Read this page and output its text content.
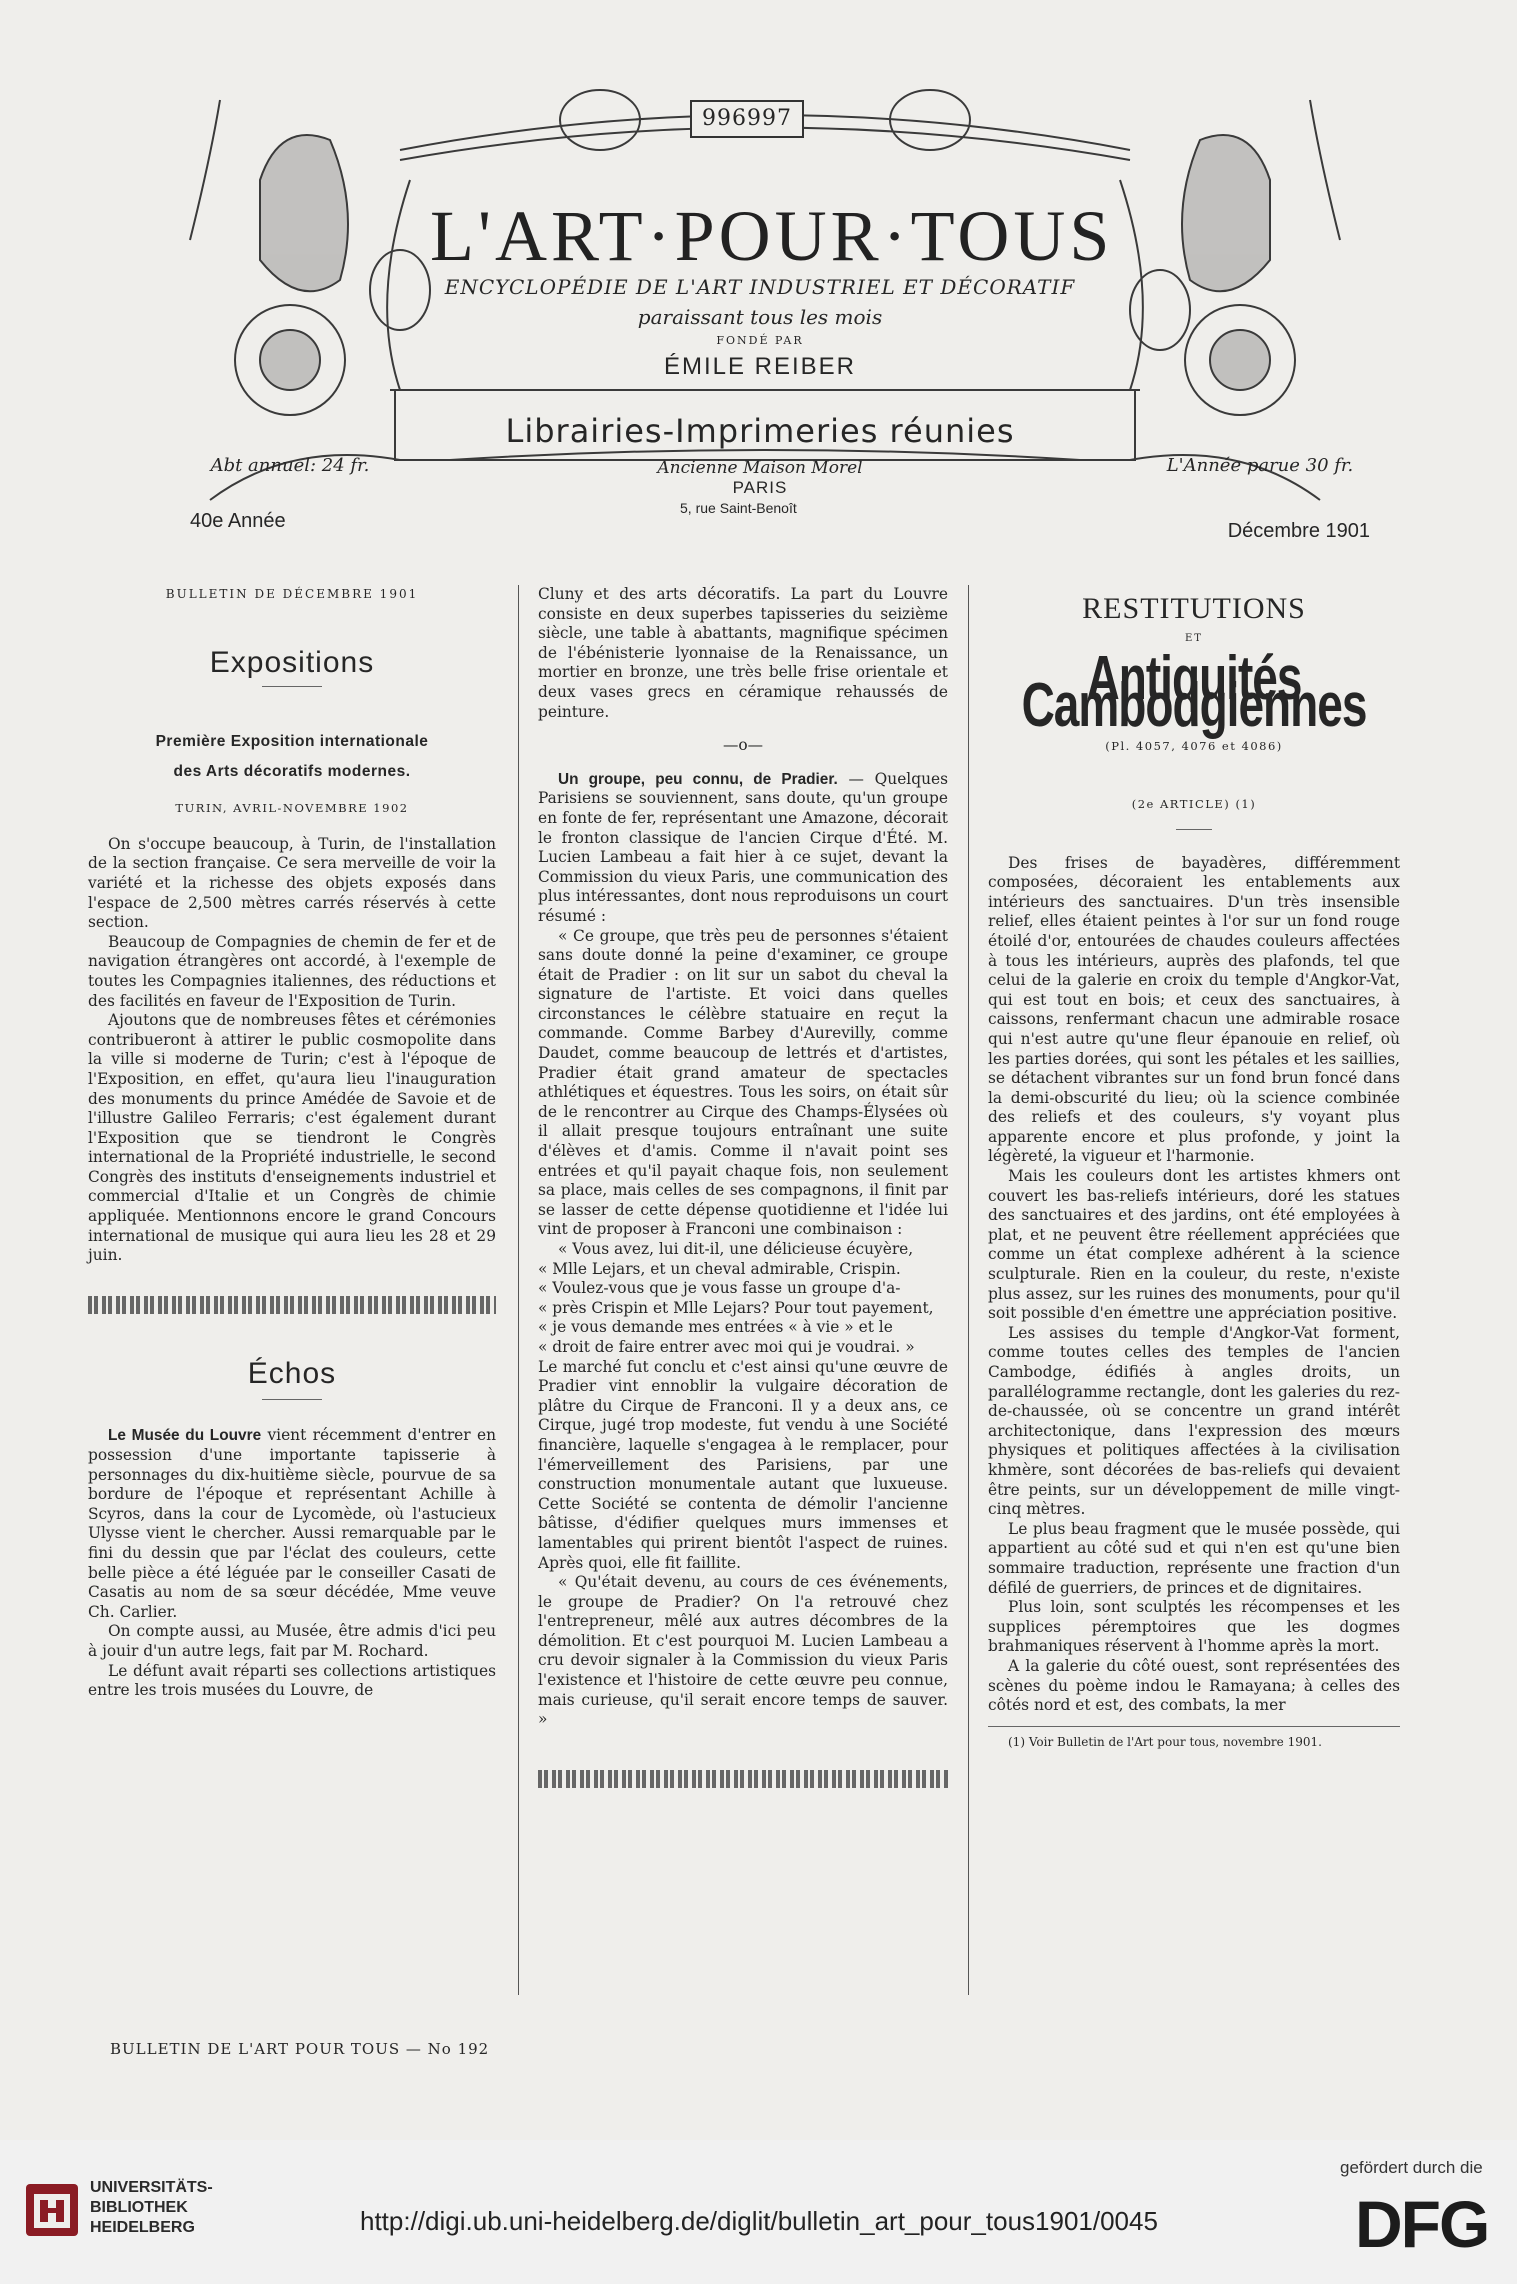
996997
L'ART·POUR·TOUS
ENCYCLOPÉDIE DE L'ART INDUSTRIEL ET DÉCORATIF
paraissant tous les mois
FONDÉ PAR
ÉMILE REIBER
Librairies-Imprimeries réunies
Ancienne Maison Morel
PARIS
5, rue Saint-Benoît
Abt annuel: 24 fr.	L'Année parue 30 fr.
40e Année	Décembre 1901
BULLETIN DE DÉCEMBRE 1901
Expositions
Première Exposition internationale
des Arts décoratifs modernes.
TURIN, AVRIL-NOVEMBRE 1902

On s'occupe beaucoup, à Turin, de l'installation de la section française. Ce sera merveille de voir la variété et la richesse des objets exposés dans l'espace de 2,500 mètres carrés réservés à cette section.

Beaucoup de Compagnies de chemin de fer et de navigation étrangères ont accordé, à l'exemple de toutes les Compagnies italiennes, des réductions et des facilités en faveur de l'Exposition de Turin.

Ajoutons que de nombreuses fêtes et cérémonies contribueront à attirer le public cosmopolite dans la ville si moderne de Turin; c'est à l'époque de l'Exposition, en effet, qu'aura lieu l'inauguration des monuments du prince Amédée de Savoie et de l'illustre Galileo Ferraris; c'est également durant l'Exposition que se tiendront le Congrès international de la Propriété industrielle, le second Congrès des instituts d'enseignements industriel et commercial d'Italie et un Congrès de chimie appliquée. Mentionnons encore le grand Concours international de musique qui aura lieu les 28 et 29 juin.

Échos

Le Musée du Louvre vient récemment d'entrer en possession d'une importante tapisserie à personnages du dix-huitième siècle, pourvue de sa bordure de l'époque et représentant Achille à Scyros, dans la cour de Lycomède, où l'astucieux Ulysse vient le chercher. Aussi remarquable par le fini du dessin que par l'éclat des couleurs, cette belle pièce a été léguée par le conseiller Casati de Casatis au nom de sa sœur décédée, Mme veuve Ch. Carlier.

On compte aussi, au Musée, être admis d'ici peu à jouir d'un autre legs, fait par M. Rochard.

Le défunt avait réparti ses collections artistiques entre les trois musées du Louvre, de

Cluny et des arts décoratifs. La part du Louvre consiste en deux superbes tapisseries du seizième siècle, une table à abattants, magnifique spécimen de l'ébénisterie lyonnaise de la Renaissance, un mortier en bronze, une très belle frise orientale et deux vases grecs en céramique rehaussés de peinture.

—o—

Un groupe, peu connu, de Pradier. — Quelques Parisiens se souviennent, sans doute, qu'un groupe en fonte de fer, représentant une Amazone, décorait le fronton classique de l'ancien Cirque d'Été. M. Lucien Lambeau a fait hier à ce sujet, devant la Commission du vieux Paris, une communication des plus intéressantes, dont nous reproduisons un court résumé :

« Ce groupe, que très peu de personnes s'étaient sans doute donné la peine d'examiner, ce groupe était de Pradier : on lit sur un sabot du cheval la signature de l'artiste. Et voici dans quelles circonstances le célèbre statuaire en reçut la commande. Comme Barbey d'Aurevilly, comme Daudet, comme beaucoup de lettrés et d'artistes, Pradier était grand amateur de spectacles athlétiques et équestres. Tous les soirs, on était sûr de le rencontrer au Cirque des Champs-Élysées où il allait presque toujours entraînant une suite d'élèves et d'amis. Comme il n'avait point ses entrées et qu'il payait chaque fois, non seulement sa place, mais celles de ses compagnons, il finit par se lasser de cette dépense quotidienne et l'idée lui vint de proposer à Franconi une combinaison :

« Vous avez, lui dit-il, une délicieuse écuyère,

« Mlle Lejars, et un cheval admirable, Crispin.

« Voulez-vous que je vous fasse un groupe d'a-

« près Crispin et Mlle Lejars? Pour tout payement,

« je vous demande mes entrées « à vie » et le

« droit de faire entrer avec moi qui je voudrai. »

Le marché fut conclu et c'est ainsi qu'une œuvre de Pradier vint ennoblir la vulgaire décoration de plâtre du Cirque de Franconi. Il y a deux ans, ce Cirque, jugé trop modeste, fut vendu à une Société financière, laquelle s'engagea à le remplacer, pour l'émerveillement des Parisiens, par une construction monumentale autant que luxueuse. Cette Société se contenta de démolir l'ancienne bâtisse, d'édifier quelques murs immenses et lamentables qui prirent bientôt l'aspect de ruines. Après quoi, elle fit faillite.

« Qu'était devenu, au cours de ces événements, le groupe de Pradier? On l'a retrouvé chez l'entrepreneur, mêlé aux autres décombres de la démolition. Et c'est pourquoi M. Lucien Lambeau a cru devoir signaler à la Commission du vieux Paris l'existence et l'histoire de cette œuvre peu connue, mais curieuse, qu'il serait encore temps de sauver. »

RESTITUTIONS
ET
Antiquités Cambodgiennes
(Pl. 4057, 4076 et 4086)
(2e ARTICLE) (1)

Des frises de bayadères, différemment composées, décoraient les entablements aux intérieurs des sanctuaires. D'un très insensible relief, elles étaient peintes à l'or sur un fond rouge étoilé d'or, entourées de chaudes couleurs affectées à tous les intérieurs, auprès des plafonds, tel que celui de la galerie en croix du temple d'Angkor-Vat, qui est tout en bois; et ceux des sanctuaires, à caissons, renfermant chacun une admirable rosace qui n'est autre qu'une fleur épanouie en relief, où les parties dorées, qui sont les pétales et les saillies, se détachent vibrantes sur un fond brun foncé dans la demi-obscurité du lieu; où la science combinée des reliefs et des couleurs, s'y voyant plus apparente encore et plus profonde, y joint la légèreté, la vigueur et l'harmonie.

Mais les couleurs dont les artistes khmers ont couvert les bas-reliefs intérieurs, doré les statues des sanctuaires et des jardins, ont été employées à plat, et ne peuvent être réellement appréciées que comme un état complexe adhérent à la science sculpturale. Rien en la couleur, du reste, n'existe plus assez, sur les ruines des monuments, pour qu'il soit possible d'en émettre une appréciation positive.

Les assises du temple d'Angkor-Vat forment, comme toutes celles des temples de l'ancien Cambodge, édifiés à angles droits, un parallélogramme rectangle, dont les galeries du rez-de-chaussée, où se concentre un grand intérêt architectonique, dans l'expression des mœurs physiques et politiques affectées à la civilisation khmère, sont décorées de bas-reliefs qui devaient être peints, sur un développement de mille vingt-cinq mètres.

Le plus beau fragment que le musée possède, qui appartient au côté sud et qui n'en est qu'une bien sommaire traduction, représente une fraction d'un défilé de guerriers, de princes et de dignitaires.

Plus loin, sont sculptés les récompenses et les supplices péremptoires que les dogmes brahmaniques réservent à l'homme après la mort.

A la galerie du côté ouest, sont représentées des scènes du poème indou le Ramayana; à celles des côtés nord et est, des combats, la mer

(1) Voir Bulletin de l'Art pour tous, novembre 1901.
BULLETIN DE L'ART POUR TOUS — No 192
UNIVERSITÄTS-
BIBLIOTHEK
HEIDELBERG	http://digi.ub.uni-heidelberg.de/diglit/bulletin_art_pour_tous1901/0045
gefördert durch die
DFG
